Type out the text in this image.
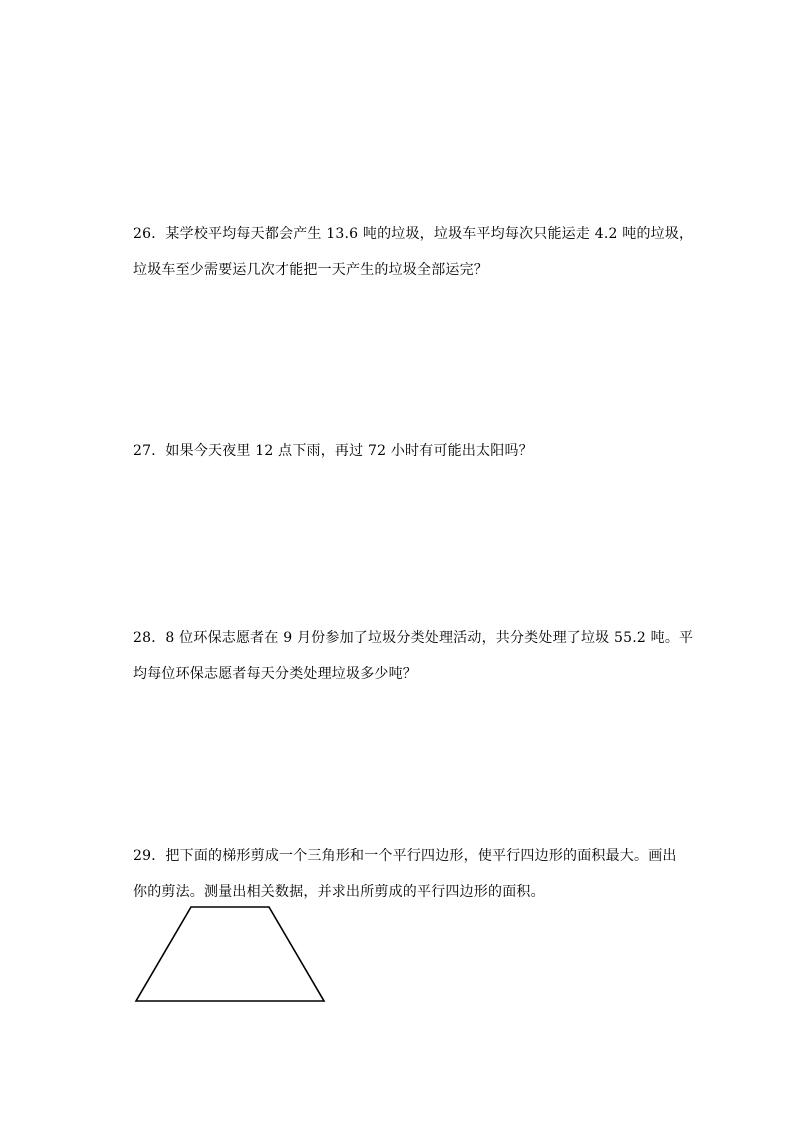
26．某学校平均每天都会产生 13.6 吨的垃圾，垃圾车平均每次只能运走 4.2 吨的垃圾，
垃圾车至少需要运几次才能把一天产生的垃圾全部运完？
27．如果今天夜里 12 点下雨，再过 72 小时有可能出太阳吗？
28．8 位环保志愿者在 9 月份参加了垃圾分类处理活动，共分类处理了垃圾 55.2 吨。平
均每位环保志愿者每天分类处理垃圾多少吨？
29．把下面的梯形剪成一个三角形和一个平行四边形，使平行四边形的面积最大。画出
你的剪法。测量出相关数据，并求出所剪成的平行四边形的面积。
